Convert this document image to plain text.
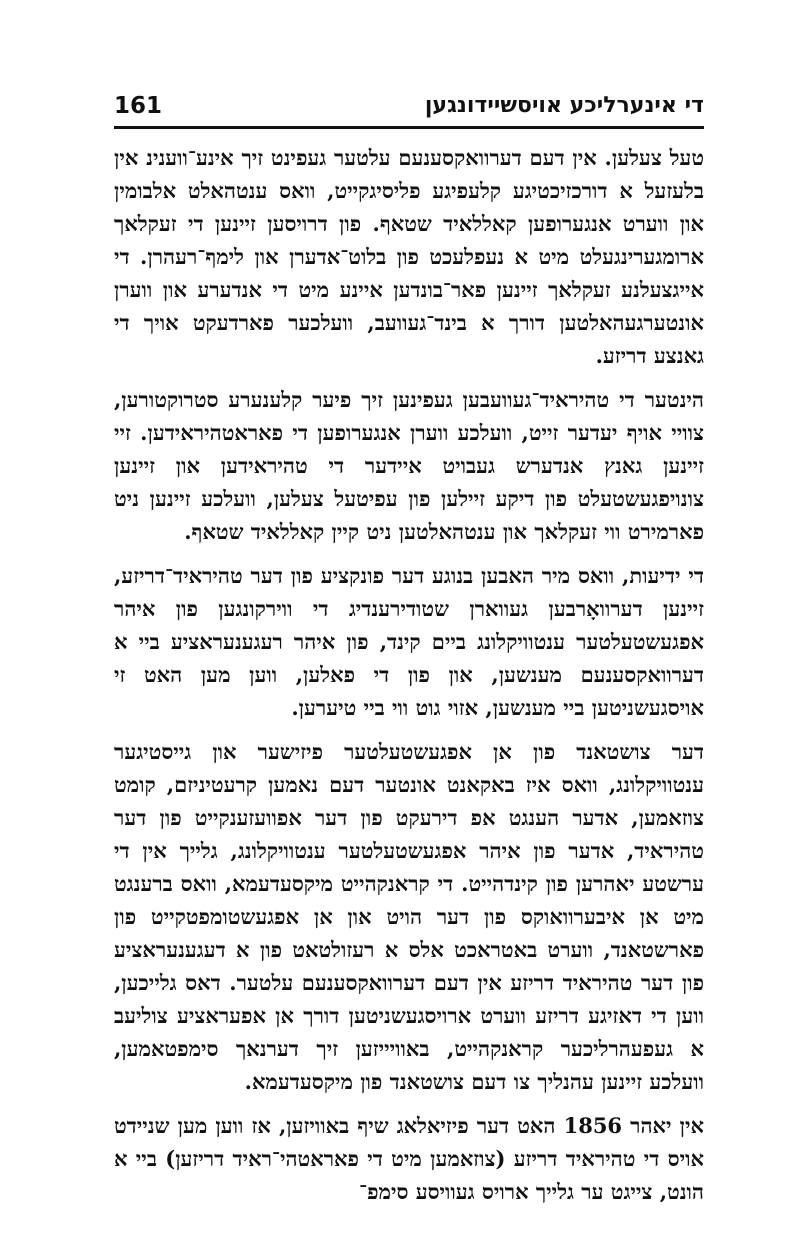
די אינערליכע אויסשיידונגען
161

טעל צעלען. אין דעם דערוואקסענעם עלטער געפינט זיך אינע־ווענינ אין בלעזעל א דורכזיכטיגע קלעפיגע פליסיגקייט, וואס ענטהאלט אלבומין און ווערט אנגערופען קאללאיד שטאף. פון דרויסען זיינען די זעקלאך ארומגערינגעלט מיט א נעפלעכט פון בלוט־אדערן און לימף־רעהרן. די אייגצעלנע זעקלאך זיינען פאר־בונדען איינע מיט די אנדערע און ווערן אונטערגעהאלטען דורך א בינד־געוועב, וועלכער פארדעקט אויך די גאנצע דריזע.

הינטער די טהיראיד־געוועבען געפינען זיך פיער קלענערע סטרוקטורען, צוויי אויף יעדער זייט, וועלכע ווערן אנגערופען די פאראטהיראידען. זיי זיינען גאנץ אנדערש געבויט איידער די טהיראידען און זיינען צונויפגעשטעלט פון דיקע זיילען פון עפיטעל צעלען, וועלכע זיינען ניט פארמירט ווי זעקלאך און ענטהאלטען ניט קיין קאללאיד שטאף.

די ידיעות, וואס מיר האבען בנוגע דער פונקציע פון דער טהיראיד־דריזע, זיינען דערוואָרבען געווארן שטודירענדיג די ווירקונגען פון איהר אפגעשטעלטער ענטוויקלונג ביים קינד, פון איהר רעגענעראציע ביי א דערוואקסענעם מענשען, און פון די פאלען, ווען מען האט זי אויסגעשניטען ביי מענשען, אזוי גוט ווי ביי טיערען.

דער צושטאנד פון אן אפגעשטעלטער פיזישער און גייסטיגער ענטוויקלונג, וואס איז באקאנט אונטער דעם נאמען קרעטיניזם, קומט צוזאמען, אדער הענגט אפ דירעקט פון דער אפוועזענקייט פון דער טהיראיד, אדער פון איהר אפגעשטעלטער ענטוויקלונג, גלייך אין די ערשטע יאהרען פון קינדהייט. די קראנקהייט מיקסעדעמא, וואס ברענגט מיט אן איבערוואוקס פון דער הויט און אן אפגעשטומפטקייט פון פארשטאנד, ווערט באטראכט אלס א רעזולטאט פון א דעגענעראציע פון דער טהיראיד דריזע אין דעם דערוואקסענעם עלטער. דאס גלייכען, ווען די דאזיגע דריזע ווערט ארויסגעשניטען דורך אן אפעראציע צוליעב א געפעהרליכער קראנקהייט, באוויייזען זיך דערנאך סימפטאמען, וועלכע זיינען עהנליך צו דעם צושטאנד פון מיקסעדעמא.

אין יאהר 1856 האט דער פיזיאלאג שיף באוויזען, אז ווען מען שניידט אויס די טהיראיד דריזע (צוזאמען מיט די פאראטהי־ראיד דריזען) ביי א הונט, צייגט ער גלייך ארויס געוויסע סימפ־
